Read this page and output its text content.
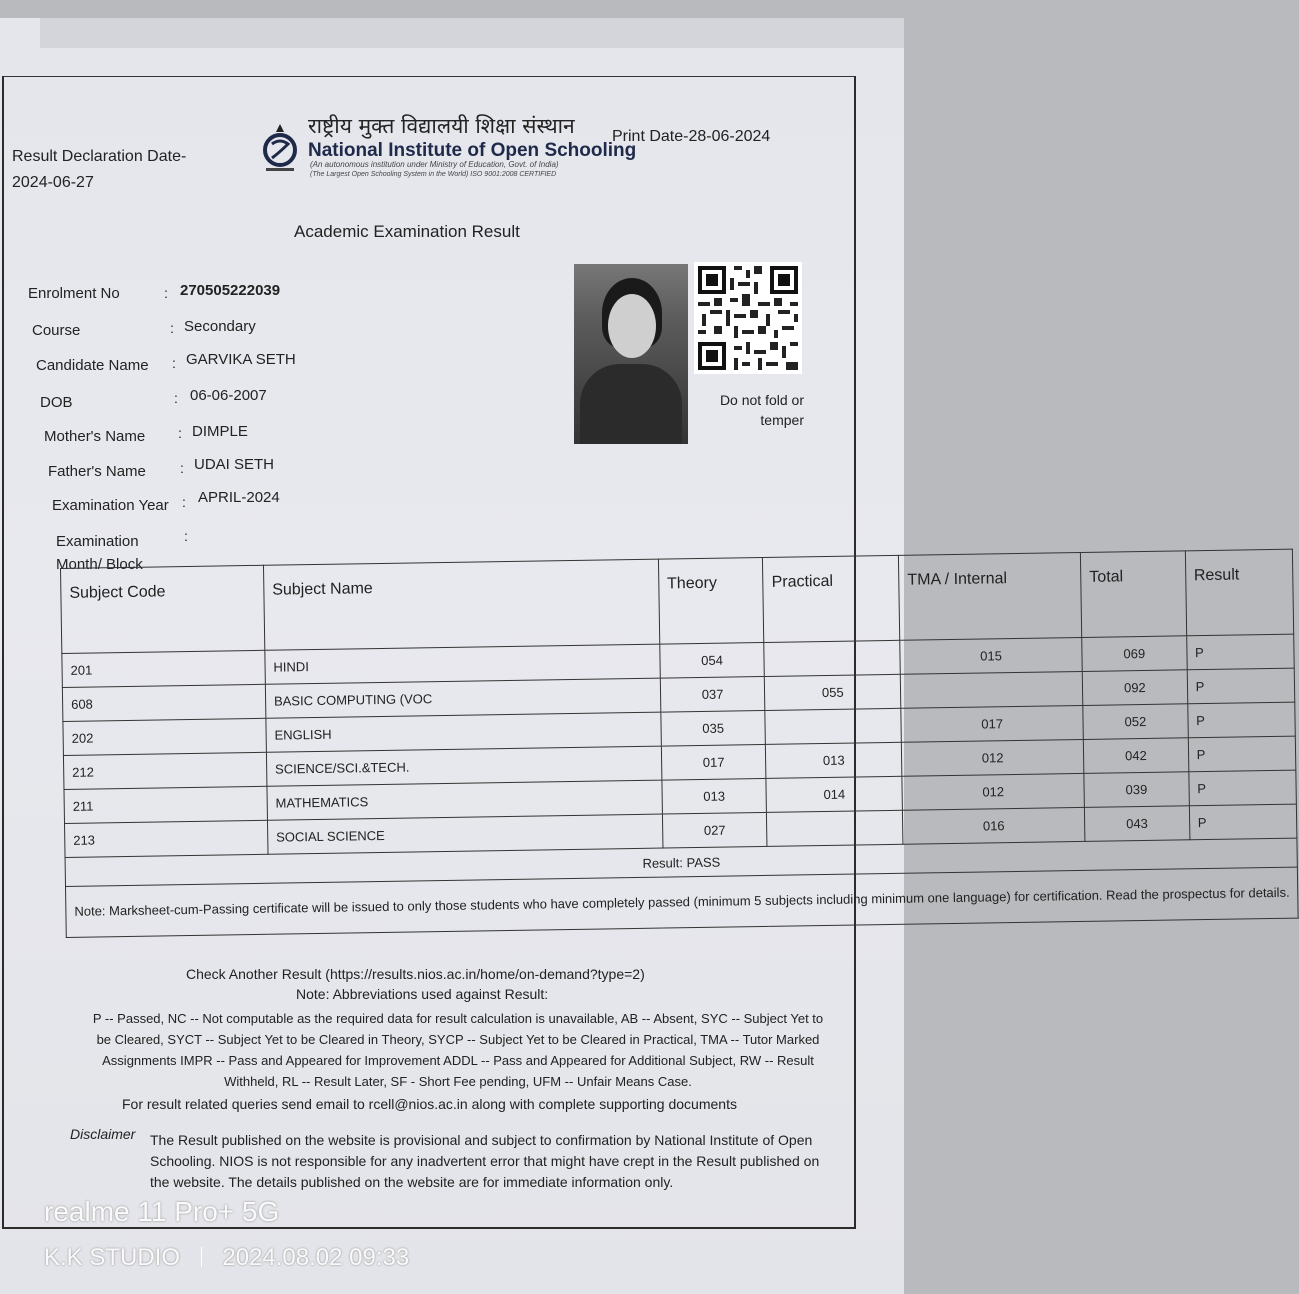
Result Declaration Date-
2024-06-27
राष्ट्रीय मुक्त विद्यालयी शिक्षा संस्थान
National Institute of Open Schooling
(An autonomous institution under Ministry of Education, Govt. of India)
(The Largest Open Schooling System in the World) ISO 9001:2008 CERTIFIED
Print Date-28-06-2024
Academic Examination Result
Enrolment No	: 270505222039
Course	: Secondary
Candidate Name : GARVIKA SETH
DOB	: 06-06-2007
Mother's Name : DIMPLE
Father's Name : UDAI SETH
Examination Year : APRIL-2024
Examination Month/ Block
:
Do not fold or temper
Subject Code	Subject Name	Theory	Practical	TMA / Internal	Total	Result
201	HINDI	054		015	069	P
608	BASIC COMPUTING (VOC	037	055		092	P
202	ENGLISH	035		017	052	P
212	SCIENCE/SCI.&TECH.	017	013	012	042	P
211	MATHEMATICS	013	014	012	039	P
213	SOCIAL SCIENCE	027		016	043	P
Result: PASS						
Note: Marksheet-cum-Passing certificate will be issued to only those students who have completely passed (minimum 5 subjects including minimum one language) for certification. Read the prospectus for details.						
Check Another Result (https://results.nios.ac.in/home/on-demand?type=2)
Note: Abbreviations used against Result:
P -- Passed, NC -- Not computable as the required data for result calculation is unavailable, AB -- Absent, SYC -- Subject Yet to be Cleared, SYCT -- Subject Yet to be Cleared in Theory, SYCP -- Subject Yet to be Cleared in Practical, TMA -- Tutor Marked Assignments IMPR -- Pass and Appeared for Improvement ADDL -- Pass and Appeared for Additional Subject, RW -- Result Withheld, RL -- Result Later, SF - Short Fee pending, UFM -- Unfair Means Case.
For result related queries send email to rcell@nios.ac.in along with complete supporting documents
Disclaimer The Result published on the website is provisional and subject to confirmation by National Institute of Open Schooling. NIOS is not responsible for any inadvertent error that might have crept in the Result published on the website. The details published on the website are for immediate information only.
realme 11 Pro+ 5G
K.K STUDIO 2024.08.02 09:33
